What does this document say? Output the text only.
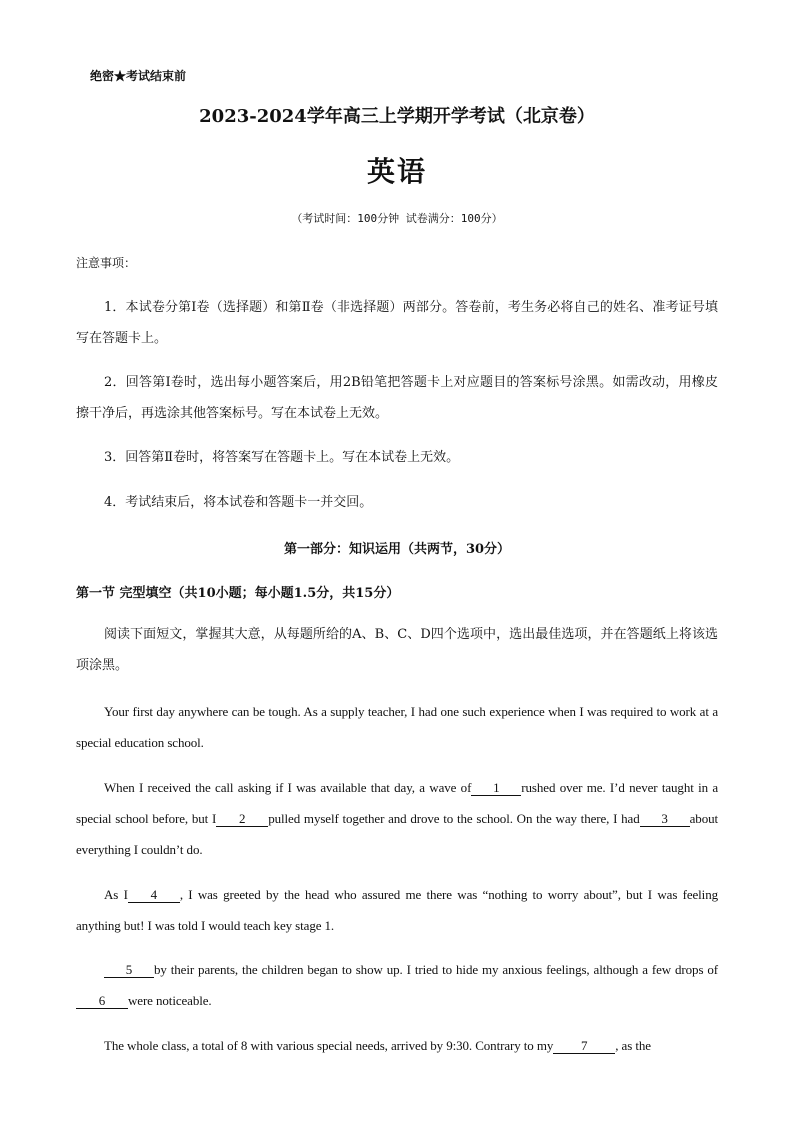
绝密★考试结束前
2023-2024学年高三上学期开学考试（北京卷）
英语
（考试时间：100分钟 试卷满分：100分）
注意事项：

1．本试卷分第Ⅰ卷（选择题）和第Ⅱ卷（非选择题）两部分。答卷前，考生务必将自己的姓名、准考证号填写在答题卡上。

2．回答第Ⅰ卷时，选出每小题答案后，用2B铅笔把答题卡上对应题目的答案标号涂黑。如需改动，用橡皮擦干净后，再选涂其他答案标号。写在本试卷上无效。

3．回答第Ⅱ卷时，将答案写在答题卡上。写在本试卷上无效。

4．考试结束后，将本试卷和答题卡一并交回。

第一部分：知识运用（共两节，30分）
第一节 完型填空（共10小题；每小题1.5分，共15分）

阅读下面短文，掌握其大意，从每题所给的A、B、C、D四个选项中，选出最佳选项，并在答题纸上将该选项涂黑。

Your first day anywhere can be tough. As a supply teacher, I had one such experience when I was required to work at a special education school.

When I received the call asking if I was available that day, a wave of 1 rushed over me. I’d never taught in a special school before, but I 2 pulled myself together and drove to the school. On the way there, I had 3 about everything I couldn’t do.

As I 4 , I was greeted by the head who assured me there was “nothing to worry about”, but I was feeling anything but! I was told I would teach key stage 1.

5 by their parents, the children began to show up. I tried to hide my anxious feelings, although a few drops of6 were noticeable.

The whole class, a total of 8 with various special needs, arrived by 9:30. Contrary to my 7 , as the
